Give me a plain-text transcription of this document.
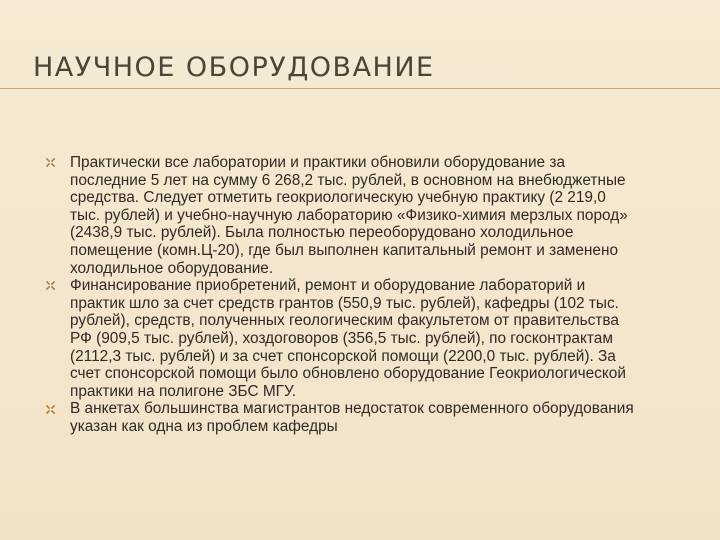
НАУЧНОЕ ОБОРУДОВАНИЕ
Практически все лаборатории и практики обновили оборудование за последние 5 лет на сумму 6 268,2 тыс. рублей, в основном на внебюджетные средства. Следует отметить геокриологическую учебную практику (2 219,0 тыс. рублей) и учебно-научную лабораторию «Физико-химия мерзлых пород» (2438,9 тыс. рублей). Была полностью переоборудовано холодильное помещение (комн.Ц-20), где был выполнен капитальный ремонт и заменено холодильное оборудование.
Финансирование приобретений, ремонт и оборудование лабораторий и практик шло за счет средств грантов (550,9 тыс. рублей), кафедры (102 тыс. рублей), средств, полученных геологическим факультетом от правительства РФ (909,5 тыс. рублей), хоздоговоров (356,5 тыс. рублей), по госконтрактам (2112,3 тыс. рублей) и за счет спонсорской помощи (2200,0 тыс. рублей). За счет спонсорской помощи было обновлено оборудование Геокриологической практики на полигоне ЗБС МГУ.
В анкетах большинства магистрантов недостаток современного оборудования указан как одна из проблем кафедры
